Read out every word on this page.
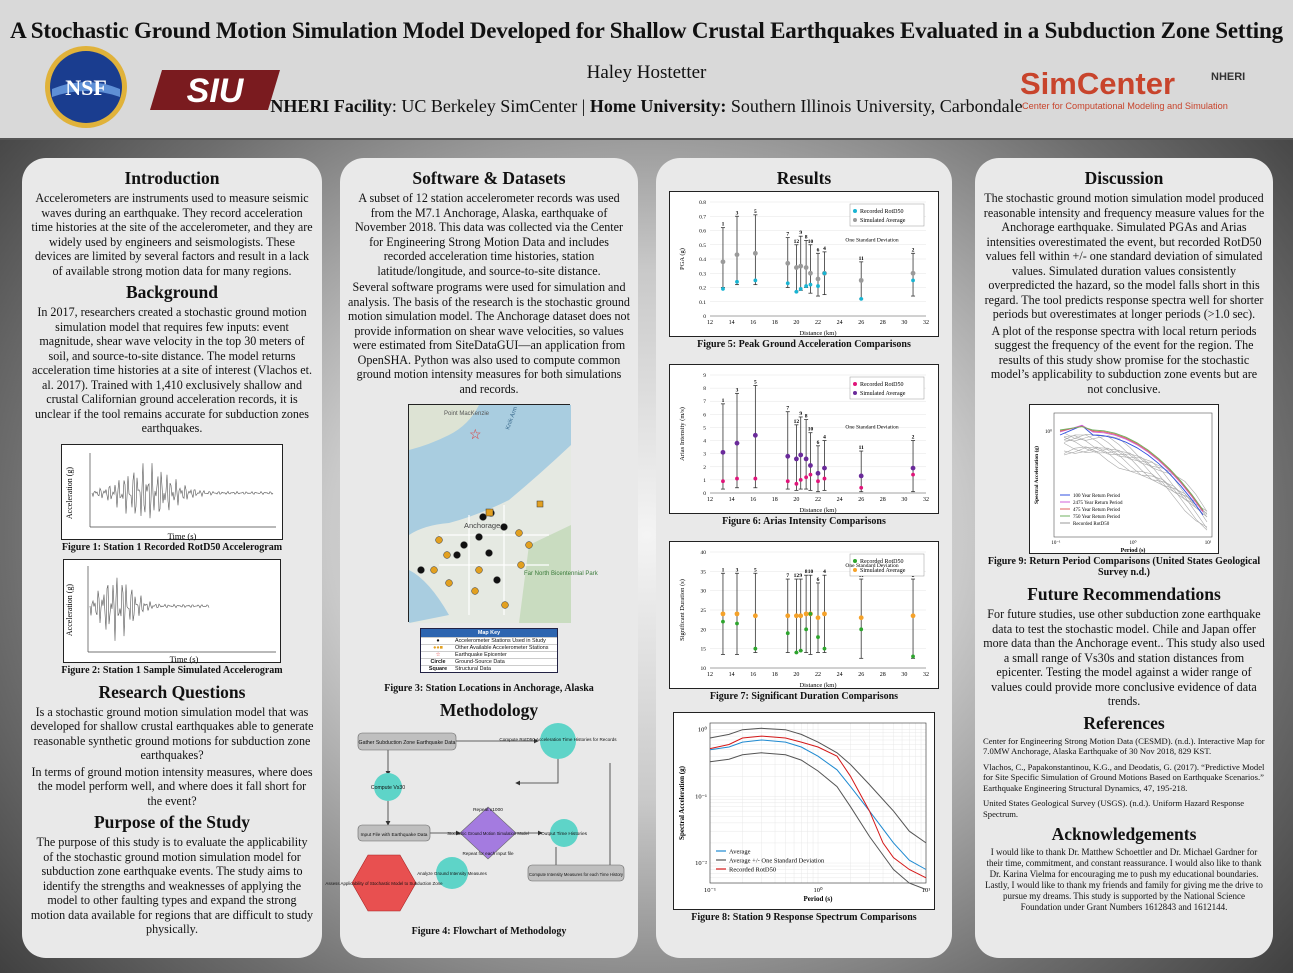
A Stochastic Ground Motion Simulation Model Developed for Shallow Crustal Earthquakes Evaluated in a Subduction Zone Setting
NSF SIU	Haley Hostetter
NHERI Facility: UC Berkeley SimCenter | Home University: Southern Illinois University, Carbondale
SimCenter	NHERI
Center for Computational Modeling and Simulation
Introduction

Accelerometers are instruments used to measure seismic waves during an earthquake. They record acceleration time histories at the site of the accelerometer, and they are widely used by engineers and seismologists. These devices are limited by several factors and result in a lack of available strong motion data for many regions.

Background

In 2017, researchers created a stochastic ground motion simulation model that requires few inputs: event magnitude, shear wave velocity in the top 30 meters of soil, and source-to-site distance. The model returns acceleration time histories at a site of interest (Vlachos et. al. 2017). Trained with 1,410 exclusively shallow and crustal Californian ground acceleration records, it is unclear if the tool remains accurate for subduction zones earthquakes.

Acceleration (g)
Time (s)
Figure 1: Station 1 Recorded RotD50 Accelerogram
Acceleration (g)
Time (s)
Figure 2: Station 1 Sample Simulated Accelerogram
Research Questions

Is a stochastic ground motion simulation model that was developed for shallow crustal earthquakes able to generate reasonable synthetic ground motions for subduction zone earthquakes?

In terms of ground motion intensity measures, where does the model perform well, and where does it fall short for the event?

Purpose of the Study

The purpose of this study is to evaluate the applicability of the stochastic ground motion simulation model for subduction zone earthquake events. The study aims to identify the strengths and weaknesses of applying the model to other faulting types and expand the strong motion data available for regions that are difficult to study physically.

Software & Datasets

A subset of 12 station accelerometer records was used from the M7.1 Anchorage, Alaska, earthquake of November 2018. This data was collected via the Center for Engineering Strong Motion Data and includes recorded acceleration time histories, station latitude/longitude, and source-to-site distance.

Several software programs were used for simulation and analysis. The basis of the research is the stochastic ground motion simulation model. The Anchorage dataset does not provide information on shear wave velocities, so values were estimated from SiteDataGUI—an application from OpenSHA. Python was also used to compute common ground motion intensity measures for both simulations and records.

Point MacKenzie	Knik Arm
Anchorage
Far North Bicentennial Park
☆
Map Key
●	Accelerometer Stations Used in Study
●●■	Other Available Accelerometer Stations
☆	Earthquake Epicenter
Circle	Ground-Source Data
Square	Structural Data
Figure 3: Station Locations in Anchorage, Alaska
Methodology
Gather Subduction Zone Earthquake Data
Compute RotD50 Acceleration Time Histories for Records
Compute Vs30
Repeat x1000
Input File with Earthquake Data	Stochastic Ground Motion Simulation Model	Output Time Histories
Repeat for each input file
Assess Applicability of Stochastic Model to Subduction Zone
Analyze Ground Intensity Measures	Compute Intensity Measures for each Time History
Figure 4: Flowchart of Methodology
Results
0
0.1
0.2
0.3
0.4
0.5
0.6
0.7
0.8
12	14	16	18	20	22	24	26	28	30	32
Distance (km)
PGA (g)
1
3	5
7
12
9
8
10
6 4
11
2
Recorded RotD50
Simulated Average
One Standard Deviation
Figure 5: Peak Ground Acceleration Comparisons
0
1
2
3
4
5
6
7
8
9
12	14	16	18	20	22	24	26	28	30	32
Distance (km)
Arias Intensity (m/s)
1
3
5
7
12
9 8
10
6
4
11
2
Recorded RotD50
Simulated Average
One Standard Deviation
Figure 6: Arias Intensity Comparisons
10
15
20
25
30
35
40
12	14	16	18	20	22	24	26	28	30	32
Distance (km)
Significant Duration (s)
1 3	5
7 12 9
8 10
6
4
Recorded RotD50
Simulated Average
One Standard Deviation
Figure 7: Significant Duration Comparisons
10⁻¹	10⁰	10¹
10⁻²
10⁻¹
10⁰
Period (s)
Spectral Acceleration (g)
Average
Average +/- One Standard Deviation
Recorded RotD50
Figure 8: Station 9 Response Spectrum Comparisons
Discussion

The stochastic ground motion simulation model produced reasonable intensity and frequency measure values for the Anchorage earthquake. Simulated PGAs and Arias intensities overestimated the event, but recorded RotD50 values fell within +/- one standard deviation of simulated values. Simulated duration values consistently overpredicted the hazard, so the model falls short in this regard. The tool predicts response spectra well for shorter periods but overestimates at longer periods (>1.0 sec).

A plot of the response spectra with local return periods suggest the frequency of the event for the region. The results of this study show promise for the stochastic model’s applicability to subduction zone events but are not conclusive.

10⁻¹	10⁰	10¹
10⁰
Period (s)
Spectral Acceleration (g)	100 Year Return Period
2475 Year Return Period
475 Year Return Period
750 Year Return Period
Recorded RotD50
Figure 9: Return Period Comparisons (United States Geological Survey n.d.)
Future Recommendations

For future studies, use other subduction zone earthquake data to test the stochastic model. Chile and Japan offer more data than the Anchorage event.. This study also used a small range of Vs30s and station distances from epicenter. Testing the model against a wider range of values could provide more conclusive evidence of data trends.

References
Center for Engineering Strong Motion Data (CESMD). (n.d.). Interactive Map for 7.0MW Anchorage, Alaska Earthquake of 30 Nov 2018, 829 KST.
Vlachos, C., Papakonstantinou, K.G., and Deodatis, G. (2017). “Predictive Model for Site Specific Simulation of Ground Motions Based on Earthquake Scenarios.” Earthquake Engineering Structural Dynamics, 47, 195-218.
United States Geological Survey (USGS). (n.d.). Uniform Hazard Response Spectrum.
Acknowledgements

I would like to thank Dr. Matthew Schoettler and Dr. Michael Gardner for their time, commitment, and constant reassurance. I would also like to thank Dr. Karina Vielma for encouraging me to push my educational boundaries. Lastly, I would like to thank my friends and family for giving me the drive to pursue my dreams. This study is supported by the National Science Foundation under Grant Numbers 1612843 and 1612144.
